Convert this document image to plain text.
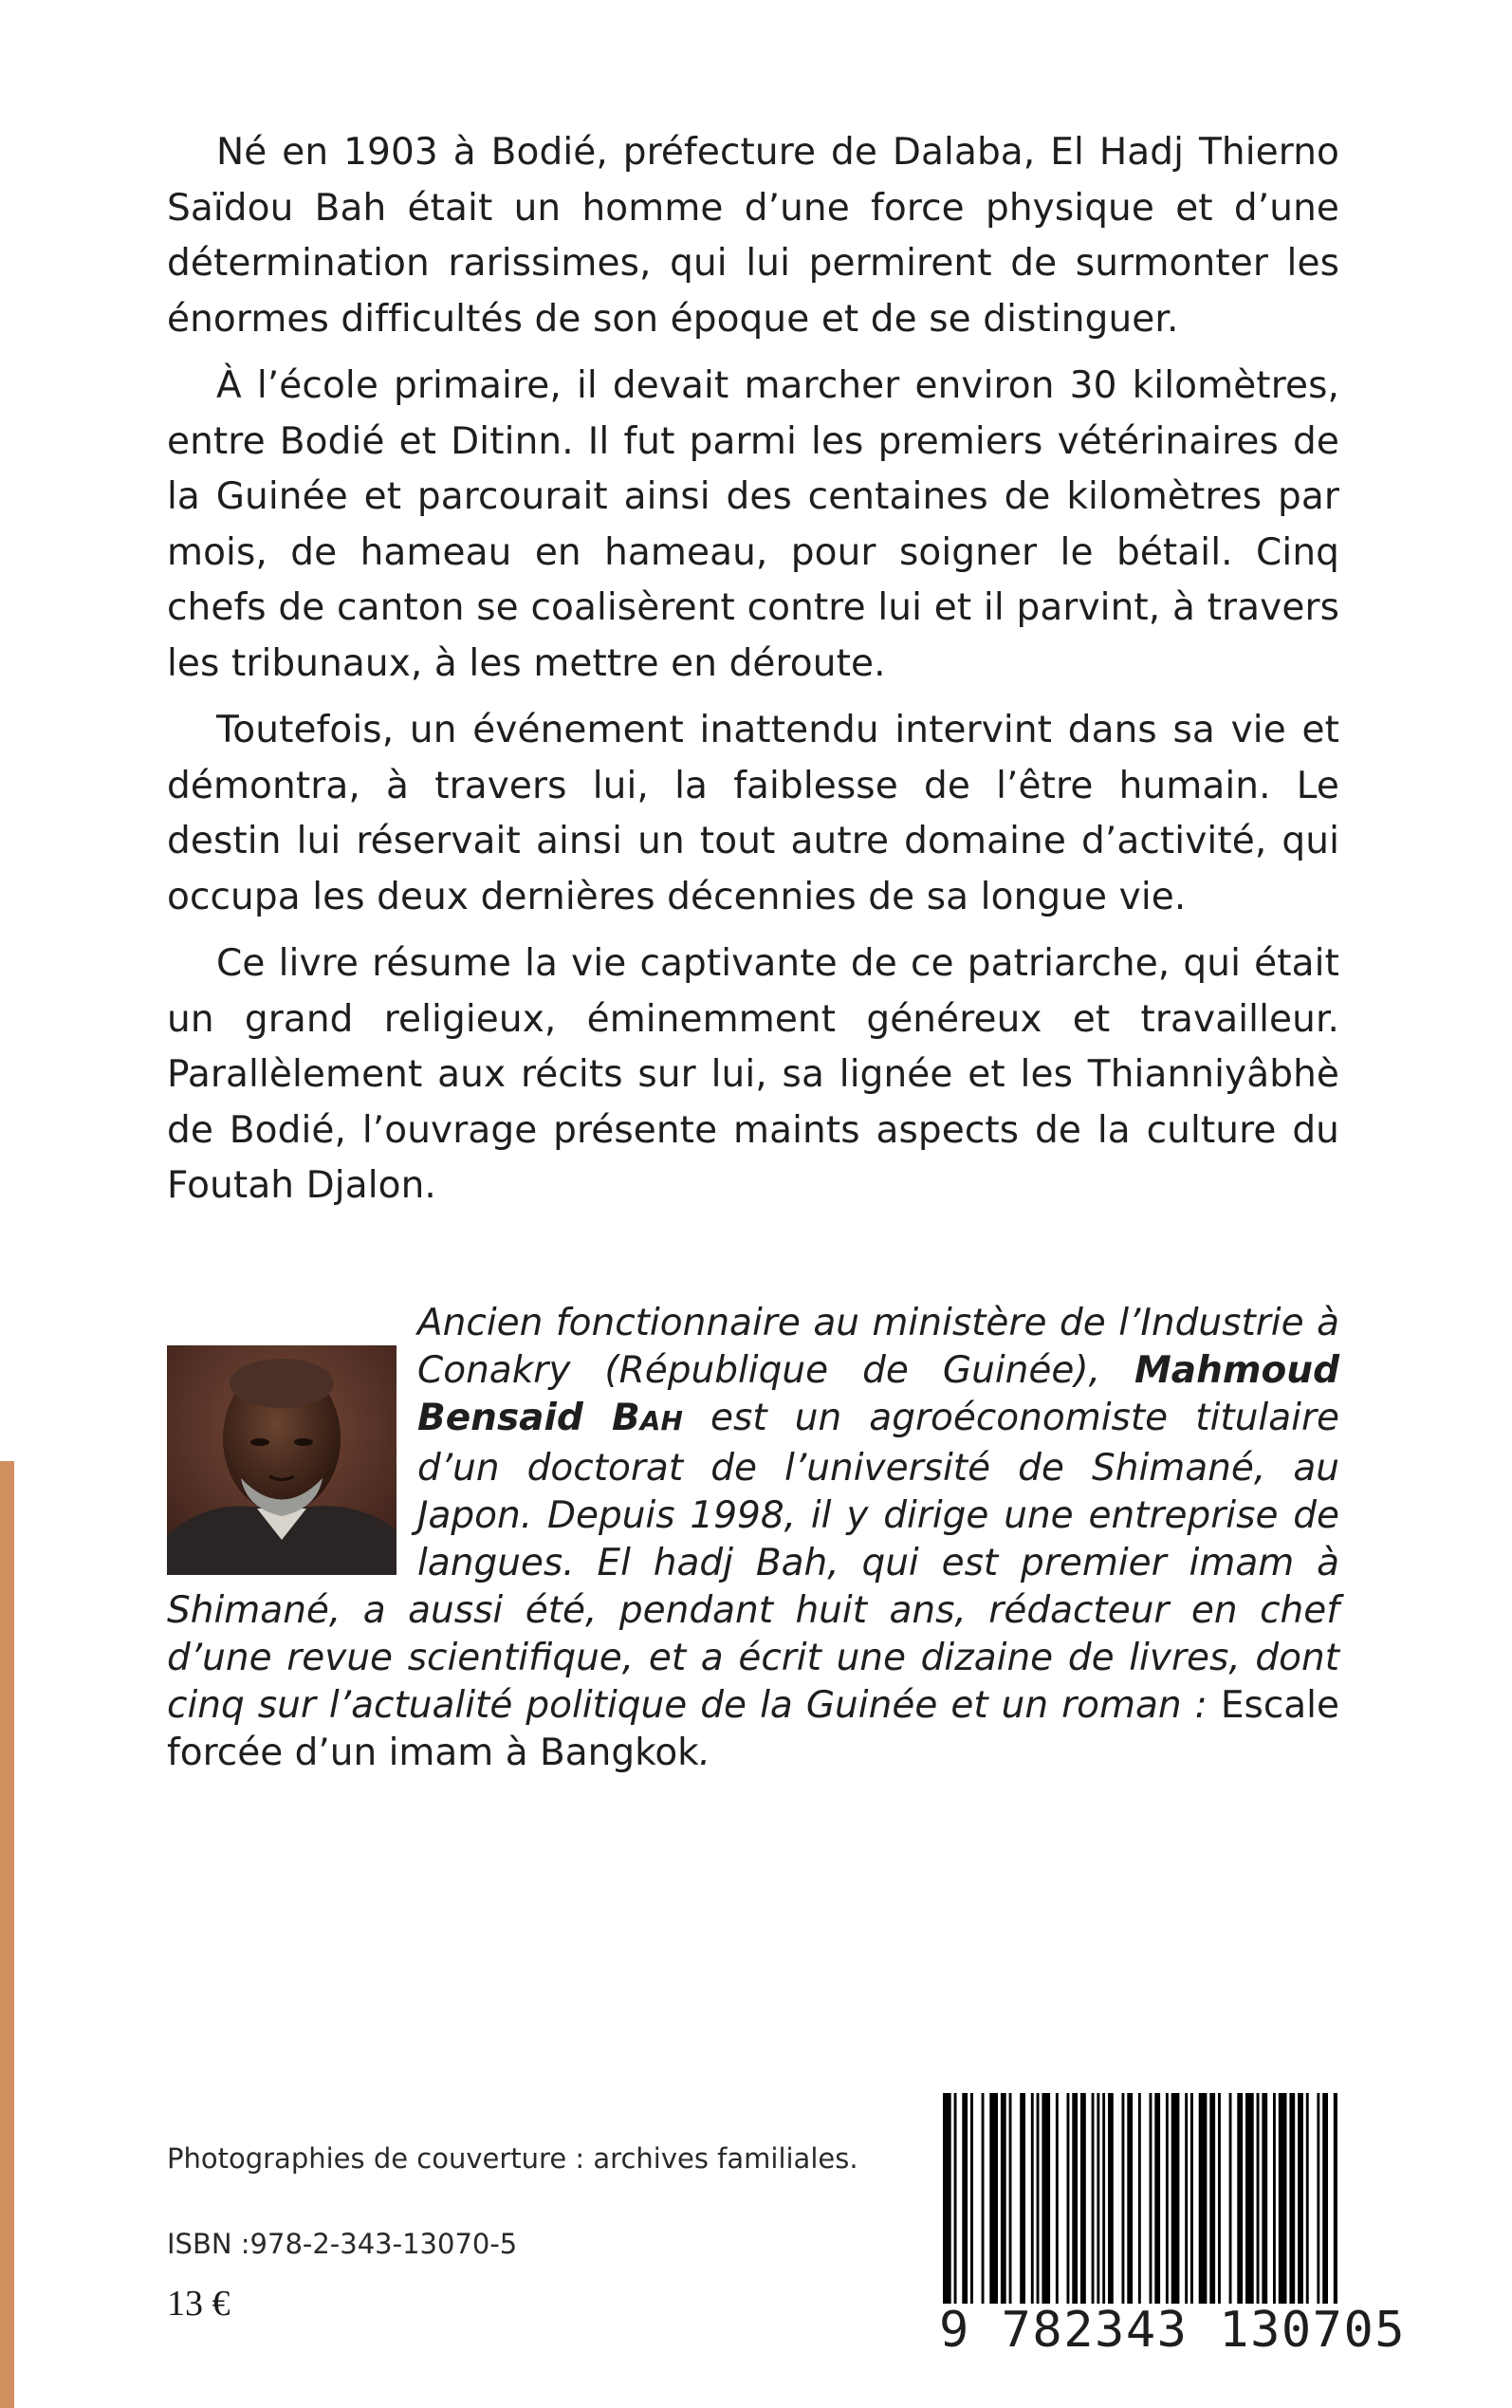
Né en 1903 à Bodié, préfecture de Dalaba, El Hadj Thierno Saïdou Bah était un homme d’une force physique et d’une détermination rarissimes, qui lui permirent de surmonter les énormes difficultés de son époque et de se distinguer.

À l’école primaire, il devait marcher environ 30 kilomètres, entre Bodié et Ditinn. Il fut parmi les premiers vétérinaires de la Guinée et parcourait ainsi des centaines de kilomètres par mois, de hameau en hameau, pour soigner le bétail. Cinq chefs de canton se coalisèrent contre lui et il parvint, à travers les tribunaux, à les mettre en déroute.

Toutefois, un événement inattendu intervint dans sa vie et démontra, à travers lui, la faiblesse de l’être humain. Le destin lui réservait ainsi un tout autre domaine d’activité, qui occupa les deux dernières décennies de sa longue vie.

Ce livre résume la vie captivante de ce patriarche, qui était un grand religieux, éminemment généreux et travailleur. Parallèlement aux récits sur lui, sa lignée et les Thianniyâbhè de Bodié, l’ouvrage présente maints aspects de la culture du Foutah Djalon.

Ancien fonctionnaire au ministère de l’Industrie à Conakry (République de Guinée), Mahmoud Bensaid BAH est un agroéconomiste titulaire d’un doctorat de l’université de Shimané, au Japon. Depuis 1998, il y dirige une entreprise de langues. El hadj Bah, qui est premier imam à Shimané, a aussi été, pendant huit ans, rédacteur en chef d’une revue scientifique, et a écrit une dizaine de livres, dont cinq sur l’actualité politique de la Guinée et un roman : Escale forcée d’un imam à Bangkok.

Photographies de couverture : archives familiales.
ISBN :978-2-343-13070-5
13 €	9 782343 130705
